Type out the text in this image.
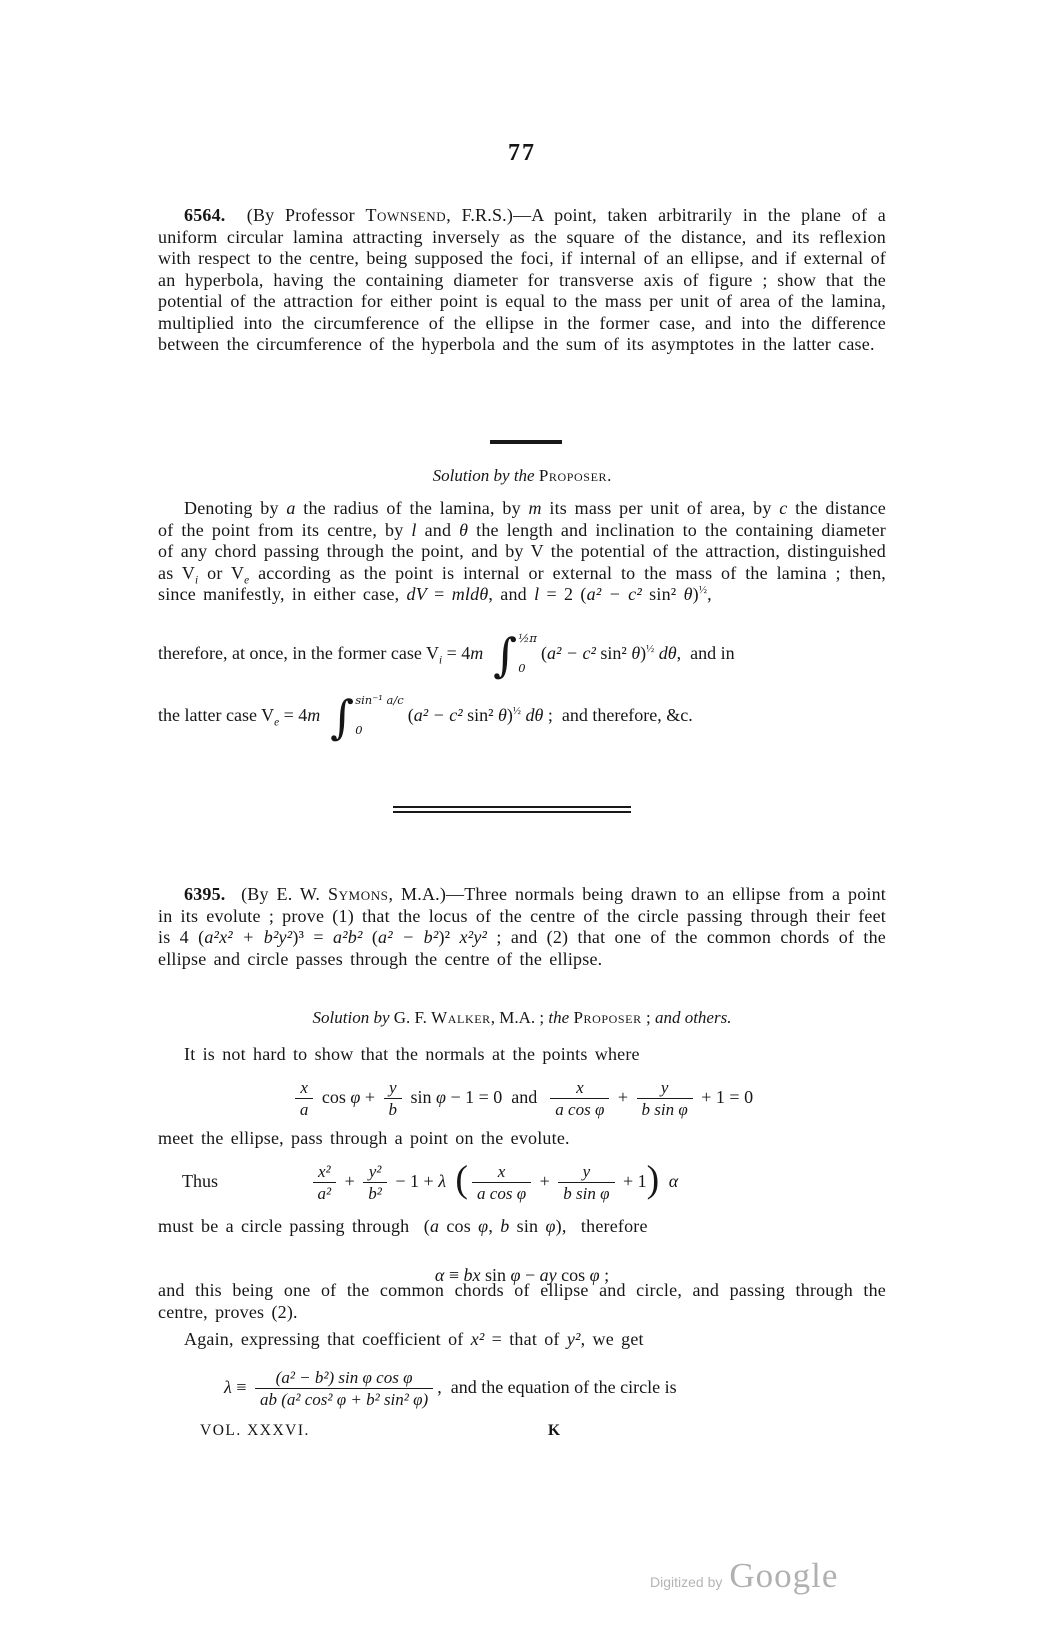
77

6564.  (By Professor Townsend, F.R.S.)—A point, taken arbitrarily in the plane of a uniform circular lamina attracting inversely as the square of the distance, and its reflexion with respect to the centre, being supposed the foci, if internal of an ellipse, and if external of an hyperbola, having the containing diameter for transverse axis of figure ; show that the potential of the attraction for either point is equal to the mass per unit of area of the lamina, multiplied into the circumference of the ellipse in the former case, and into the difference between the circumference of the hyperbola and the sum of its asymptotes in the latter case.

Solution by the Proposer.

Denoting by a the radius of the lamina, by m its mass per unit of area, by c the distance of the point from its centre, by l and θ the length and inclination to the containing diameter of any chord passing through the point, and by V the potential of the attraction, distinguished as $V_i$ or $V_e$ according as the point is internal or external to the mass of the lamina ; then, since manifestly, in either case, dV = mldθ, and l = 2 (a² − c² sin² θ)$^{\frac{1}{2}}$,

therefore, at once, in the former case $V_i = 4m$ ∫ ½π
0
(a² − c² sin² θ)$^{\frac{1}{2}}$ dθ,  and in
the latter case $V_e = 4m$ ∫ sin⁻¹ a/c
0
(a² − c² sin² θ)$^{\frac{1}{2}}$ dθ ;  and therefore, &c.

6395.  (By E. W. Symons, M.A.)—Three normals being drawn to an ellipse from a point in its evolute ; prove (1) that the locus of the centre of the circle passing through their feet is 4 (a²x² + b²y²)³ = a²b² (a² − b²)² x²y² ; and (2) that one of the common chords of the ellipse and circle passes through the centre of the ellipse.

Solution by G. F. Walker, M.A. ; the Proposer ; and others.

It is not hard to show that the normals at the points where

$\frac{x}{a}$ $\cos \varphi + \frac{y}{b}$ sin φ − 1 = 0  and $\frac{x}{\text{a cos φ}} + \frac{y}{\text{b sin φ}} + 1 = 0$

meet the ellipse, pass through a point on the evolute.

Thus	$\frac{\text{x²}}{\text{a²}} + \frac{\text{y²}}{\text{b²}} - 1 + \lambda$ ( $\frac{x}{\text{a cos φ}} + \frac{y}{\text{b sin φ}} + 1$) α

must be a circle passing through  (a cos φ, b sin φ),  therefore

α ≡ bx sin φ − ay cos φ ;

and this being one of the common chords of ellipse and circle, and passing through the centre, proves (2).

Again, expressing that coefficient of x² = that of y², we get

$\lambda \equiv \frac{\text{(a² − b²) sin φ cos φ}}{\text{ab (a² cos² φ + b² sin² φ)}}$ ,  and the equation of the circle is
VOL. XXXVI.	K
Digitized by Google
